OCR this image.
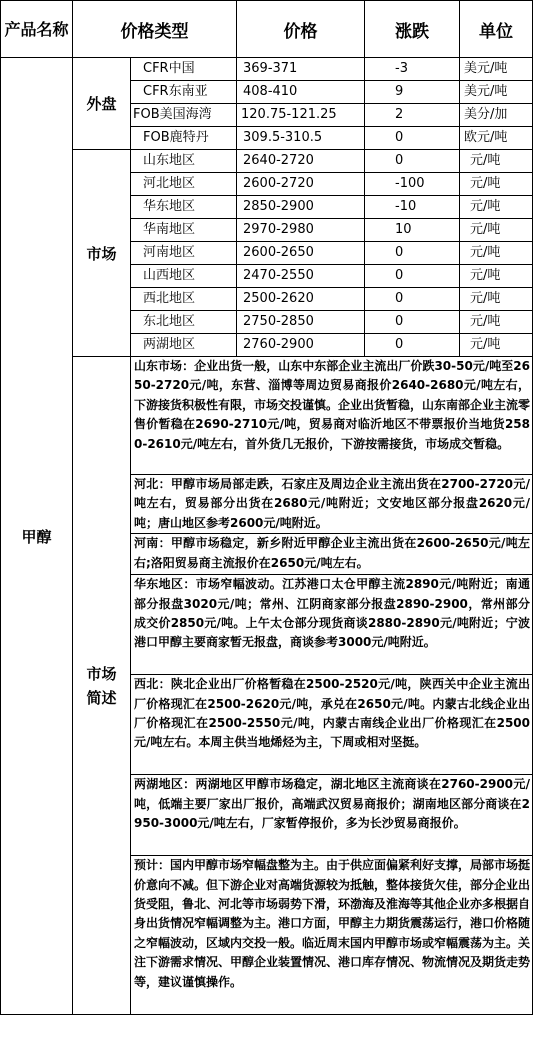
产品名称	价格类型		价格	涨跌	单位
甲醇	外盘	CFR中国	369-371	-3	美元/吨
		CFR东南亚	408-410	9	美元/吨
		FOB美国海湾	120.75-121.25	2	美分/加
		FOB鹿特丹	309.5-310.5	0	欧元/吨
	市场	山东地区	2640-2720	0	元/吨
		河北地区	2600-2720	-100	元/吨
		华东地区	2850-2900	-10	元/吨
		华南地区	2970-2980	10	元/吨
		河南地区	2600-2650	0	元/吨
		山西地区	2470-2550	0	元/吨
		西北地区	2500-2620	0	元/吨
		东北地区	2750-2850	0	元/吨
		两湖地区	2760-2900	0	元/吨

	市场简述	山东市场：企业出货一般，山东中东部企业主流出厂价跌30-50元/吨至2650-2720元/吨，东营、淄博等周边贸易商报价2640-2680元/吨左右，下游接货积极性有限，市场交投谨慎。企业出货暂稳，山东南部企业主流零售价暂稳在2690-2710元/吨，贸易商对临沂地区不带票报价当地货2580-2610元/吨左右，首外货几无报价，下游按需接货，市场成交暂稳。			
		河北：甲醇市场局部走跌，石家庄及周边企业主流出货在2700-2720元/吨左右，贸易部分出货在2680元/吨附近；文安地区部分报盘2620元/吨；唐山地区参考2600元/吨附近。			
		河南：甲醇市场稳定，新乡附近甲醇企业主流出货在2600-2650元/吨左右;洛阳贸易商主流报价在2650元/吨左右。			
		华东地区：市场窄幅波动。江苏港口太仓甲醇主流2890元/吨附近；南通部分报盘3020元/吨；常州、江阴商家部分报盘2890-2900，常州部分成交价2850元/吨。上午太仓部分现货商谈2880-2890元/吨附近；宁波港口甲醇主要商家暂无报盘，商谈参考3000元/吨附近。			
		西北：陕北企业出厂价格暂稳在2500-2520元/吨，陕西关中企业主流出厂价格现汇在2500-2620元/吨，承兑在2650元/吨。内蒙古北线企业出厂价格现汇在2500-2550元/吨，内蒙古南线企业出厂价格现汇在2500元/吨左右。本周主供当地烯烃为主，下周或相对坚挺。			
		两湖地区：两湖地区甲醇市场稳定，湖北地区主流商谈在2760-2900元/吨，低端主要厂家出厂报价，高端武汉贸易商报价；湖南地区部分商谈在2950-3000元/吨左右，厂家暂停报价，多为长沙贸易商报价。			
		预计：国内甲醇市场窄幅盘整为主。由于供应面偏紧利好支撑，局部市场挺价意向不减。但下游企业对高端货源较为抵触，整体接货欠佳，部分企业出货受阻，鲁北、河北等市场弱势下滑，环渤海及淮海等其他企业亦多根据自身出货情况窄幅调整为主。港口方面，甲醇主力期货震荡运行，港口价格随之窄幅波动，区域内交投一般。临近周末国内甲醇市场或窄幅震荡为主。关注下游需求情况、甲醇企业装置情况、港口库存情况、物流情况及期货走势等，建议谨慎操作。			
